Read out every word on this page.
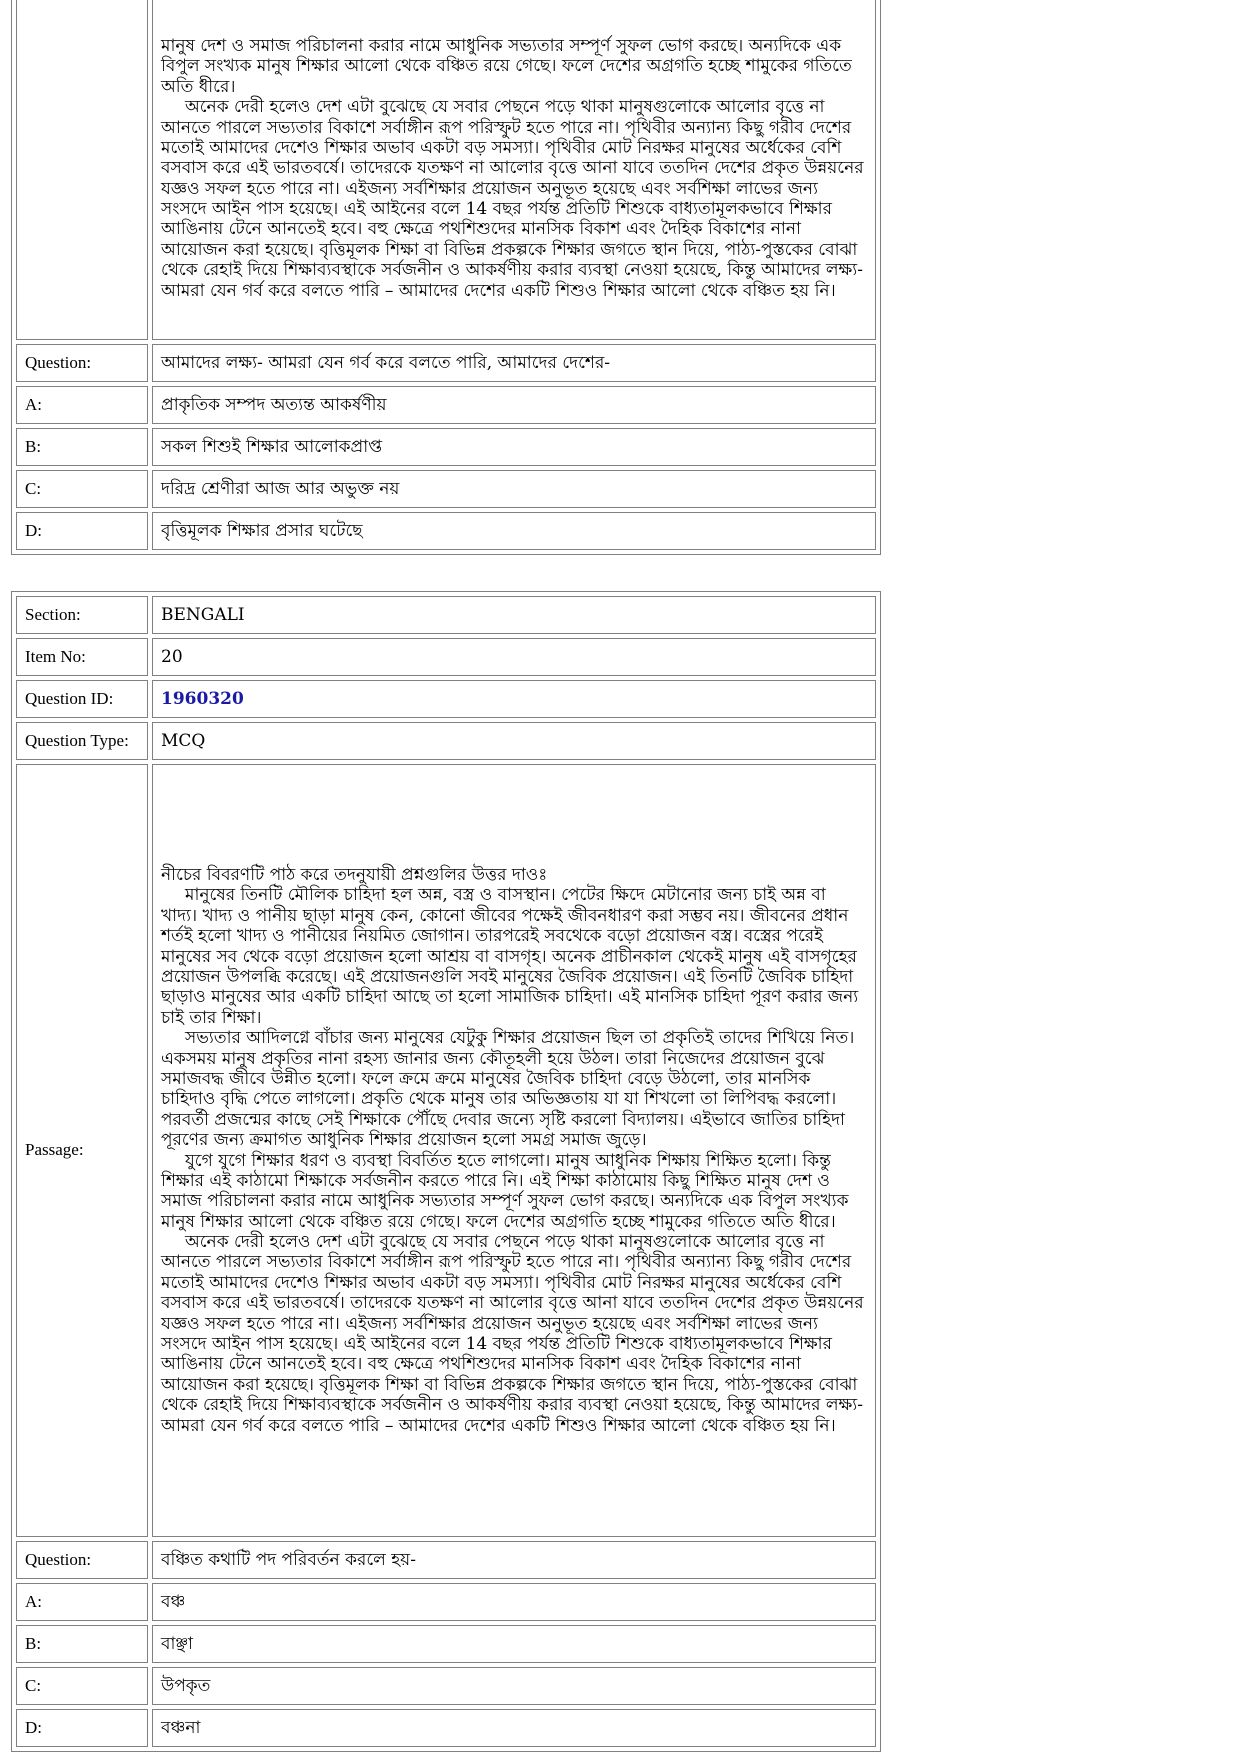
	মানুষ দেশ ও সমাজ পরিচালনা করার নামে আধুনিক সভ্যতার সম্পূর্ণ সুফল ভোগ করছে। অন্যদিকে এক বিপুল সংখ্যক মানুষ শিক্ষার আলো থেকে বঞ্চিত রয়ে গেছে। ফলে দেশের অগ্রগতি হচ্ছে শামুকের গতিতে অতি ধীরে।

অনেক দেরী হলেও দেশ এটা বুঝেছে যে সবার পেছনে পড়ে থাকা মানুষগুলোকে আলোর বৃত্তে না আনতে পারলে সভ্যতার বিকাশে সর্বাঙ্গীন রূপ পরিস্ফুট হতে পারে না। পৃথিবীর অন্যান্য কিছু গরীব দেশের মতোই আমাদের দেশেও শিক্ষার অভাব একটা বড় সমস্যা। পৃথিবীর মোট নিরক্ষর মানুষের অর্ধেকের বেশি বসবাস করে এই ভারতবর্ষে। তাদেরকে যতক্ষণ না আলোর বৃত্তে আনা যাবে ততদিন দেশের প্রকৃত উন্নয়নের যজ্ঞও সফল হতে পারে না। এইজন্য সর্বশিক্ষার প্রয়োজন অনুভূত হয়েছে এবং সর্বশিক্ষা লাভের জন্য সংসদে আইন পাস হয়েছে। এই আইনের বলে 14 বছর পর্যন্ত প্রতিটি শিশুকে বাধ্যতামূলকভাবে শিক্ষার আঙিনায় টেনে আনতেই হবে। বহু ক্ষেত্রে পথশিশুদের মানসিক বিকাশ এবং দৈহিক বিকাশের নানা আয়োজন করা হয়েছে। বৃত্তিমূলক শিক্ষা বা বিভিন্ন প্রকল্পকে শিক্ষার জগতে স্থান দিয়ে, পাঠ্য-পুস্তকের বোঝা থেকে রেহাই দিয়ে শিক্ষাব্যবস্থাকে সর্বজনীন ও আকর্ষণীয় করার ব্যবস্থা নেওয়া হয়েছে, কিন্তু আমাদের লক্ষ্য- আমরা যেন গর্ব করে বলতে পারি – আমাদের দেশের একটি শিশুও শিক্ষার আলো থেকে বঞ্চিত হয় নি।

Question:	আমাদের লক্ষ্য- আমরা যেন গর্ব করে বলতে পারি, আমাদের দেশের-
A:	প্রাকৃতিক সম্পদ অত্যন্ত আকর্ষণীয়
B:	সকল শিশুই শিক্ষার আলোকপ্রাপ্ত
C:	দরিদ্র শ্রেণীরা আজ আর অভুক্ত নয়
D:	বৃত্তিমূলক শিক্ষার প্রসার ঘটেছে
Section:	BENGALI
Item No:	20
Question ID:	1960320
Question Type:	MCQ
Passage:	নীচের বিবরণটি পাঠ করে তদনুযায়ী প্রশ্নগুলির উত্তর দাওঃ

মানুষের তিনটি মৌলিক চাহিদা হল অন্ন, বস্ত্র ও বাসস্থান। পেটের ক্ষিদে মেটানোর জন্য চাই অন্ন বা খাদ্য। খাদ্য ও পানীয় ছাড়া মানুষ কেন, কোনো জীবের পক্ষেই জীবনধারণ করা সম্ভব নয়। জীবনের প্রধান শর্তই হলো খাদ্য ও পানীয়ের নিয়মিত জোগান। তারপরেই সবথেকে বড়ো প্রয়োজন বস্ত্র। বস্ত্রের পরেই মানুষের সব থেকে বড়ো প্রয়োজন হলো আশ্রয় বা বাসগৃহ। অনেক প্রাচীনকাল থেকেই মানুষ এই বাসগৃহের প্রয়োজন উপলব্ধি করেছে। এই প্রয়োজনগুলি সবই মানুষের জৈবিক প্রয়োজন। এই তিনটি জৈবিক চাহিদা ছাড়াও মানুষের আর একটি চাহিদা আছে তা হলো সামাজিক চাহিদা। এই মানসিক চাহিদা পূরণ করার জন্য চাই তার শিক্ষা।

সভ্যতার আদিলগ্নে বাঁচার জন্য মানুষের যেটুকু শিক্ষার প্রয়োজন ছিল তা প্রকৃতিই তাদের শিখিয়ে নিত। একসময় মানুষ প্রকৃতির নানা রহস্য জানার জন্য কৌতূহলী হয়ে উঠল। তারা নিজেদের প্রয়োজন বুঝে সমাজবদ্ধ জীবে উন্নীত হলো। ফলে ক্রমে ক্রমে মানুষের জৈবিক চাহিদা বেড়ে উঠলো, তার মানসিক চাহিদাও বৃদ্ধি পেতে লাগলো। প্রকৃতি থেকে মানুষ তার অভিজ্ঞতায় যা যা শিখলো তা লিপিবদ্ধ করলো। পরবর্তী প্রজন্মের কাছে সেই শিক্ষাকে পৌঁছে দেবার জন্যে সৃষ্টি করলো বিদ্যালয়। এইভাবে জাতির চাহিদা পূরণের জন্য ক্রমাগত আধুনিক শিক্ষার প্রয়োজন হলো সমগ্র সমাজ জুড়ে।

যুগে যুগে শিক্ষার ধরণ ও ব্যবস্থা বিবর্তিত হতে লাগলো। মানুষ আধুনিক শিক্ষায় শিক্ষিত হলো। কিন্তু শিক্ষার এই কাঠামো শিক্ষাকে সর্বজনীন করতে পারে নি। এই শিক্ষা কাঠামোয় কিছু শিক্ষিত মানুষ দেশ ও সমাজ পরিচালনা করার নামে আধুনিক সভ্যতার সম্পূর্ণ সুফল ভোগ করছে। অন্যদিকে এক বিপুল সংখ্যক মানুষ শিক্ষার আলো থেকে বঞ্চিত রয়ে গেছে। ফলে দেশের অগ্রগতি হচ্ছে শামুকের গতিতে অতি ধীরে।

অনেক দেরী হলেও দেশ এটা বুঝেছে যে সবার পেছনে পড়ে থাকা মানুষগুলোকে আলোর বৃত্তে না আনতে পারলে সভ্যতার বিকাশে সর্বাঙ্গীন রূপ পরিস্ফুট হতে পারে না। পৃথিবীর অন্যান্য কিছু গরীব দেশের মতোই আমাদের দেশেও শিক্ষার অভাব একটা বড় সমস্যা। পৃথিবীর মোট নিরক্ষর মানুষের অর্ধেকের বেশি বসবাস করে এই ভারতবর্ষে। তাদেরকে যতক্ষণ না আলোর বৃত্তে আনা যাবে ততদিন দেশের প্রকৃত উন্নয়নের যজ্ঞও সফল হতে পারে না। এইজন্য সর্বশিক্ষার প্রয়োজন অনুভূত হয়েছে এবং সর্বশিক্ষা লাভের জন্য সংসদে আইন পাস হয়েছে। এই আইনের বলে 14 বছর পর্যন্ত প্রতিটি শিশুকে বাধ্যতামূলকভাবে শিক্ষার আঙিনায় টেনে আনতেই হবে। বহু ক্ষেত্রে পথশিশুদের মানসিক বিকাশ এবং দৈহিক বিকাশের নানা আয়োজন করা হয়েছে। বৃত্তিমূলক শিক্ষা বা বিভিন্ন প্রকল্পকে শিক্ষার জগতে স্থান দিয়ে, পাঠ্য-পুস্তকের বোঝা থেকে রেহাই দিয়ে শিক্ষাব্যবস্থাকে সর্বজনীন ও আকর্ষণীয় করার ব্যবস্থা নেওয়া হয়েছে, কিন্তু আমাদের লক্ষ্য- আমরা যেন গর্ব করে বলতে পারি – আমাদের দেশের একটি শিশুও শিক্ষার আলো থেকে বঞ্চিত হয় নি।

Question:	বঞ্চিত কথাটি পদ পরিবর্তন করলে হয়-
A:	বঞ্চ
B:	বাঞ্ছা
C:	উপকৃত
D:	বঞ্চনা
